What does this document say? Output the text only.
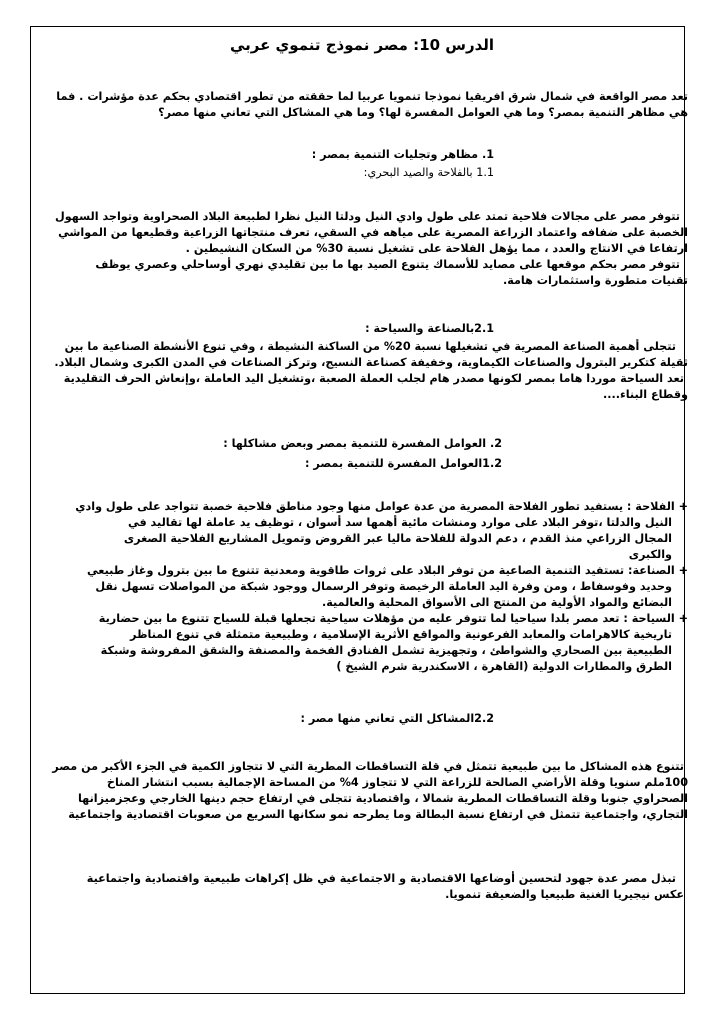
الدرس 10: مصر نموذج تنموي عربي
تعد مصر الواقعة في شمال شرق افريقيا نموذجا تنمويا عربيا لما حققته من تطور اقتصادي بحكم عدة مؤشرات . فما
هي مظاهر التنمية بمصر؟ وما هي العوامل المفسرة لها؟ وما هي المشاكل التي تعاني منها مصر؟
1. مظاهر وتجليات التنمية بمصر :
1.1 بالفلاحة والصيد البحري:
تتوفر مصر على مجالات فلاحية تمتد على طول وادي النيل ودلتا النيل نظرا لطبيعة البلاد الصحراوية وتواجد السهول
الخصبة على ضفافه واعتماد الزراعة المصرية على مياهه في السقي، تعرف منتجاتها الزراعية وقطيعها من المواشي
ارتفاعا في الانتاج والعدد ، مما يؤهل الفلاحة على تشغيل نسبة 30% من السكان النشيطين .
تتوفر مصر بحكم موقعها على مصايد للأسماك يتنوع الصيد بها ما بين تقليدي نهري أوساحلي وعصري يوظف
تقنيات متطورة واستثمارات هامة.
2.1بالصناعة والسياحة :
تتجلى أهمية الصناعة المصرية في تشغيلها نسبة 20% من الساكنة النشيطة ، وفي تنوع الأنشطة الصناعية ما بين
ثقيلة كتكرير البترول والصناعات الكيماوية، وخفيفة كصناعة النسيج، وتركز الصناعات في المدن الكبرى وشمال البلاد.
تعد السياحة موردا هاما بمصر لكونها مصدر هام لجلب العملة الصعبة ،وتشغيل اليد العاملة ،وإنعاش الحرف التقليدية
وقطاع البناء....
2. العوامل المفسرة للتنمية بمصر وبعض مشاكلها :
1.2العوامل المفسرة للتنمية بمصر :
+ الفلاحة : يستفيد تطور الفلاحة المصرية من عدة عوامل منها وجود مناطق فلاحية خصبة تتواجد على طول وادي
النيل والدلتا ،توفر البلاد على موارد ومنشات مائية أهمها سد أسوان ، توظيف يد عاملة لها تقاليد في
المجال الزراعي منذ القدم ، دعم الدولة للفلاحة ماليا عبر القروض وتمويل المشاريع الفلاحية الصغرى
والكبرى
+ الصناعة: تستفيد التنمية الصاعية من توفر البلاد على ثروات طاقوية ومعدنية تتنوع ما بين بترول وغاز طبيعي
وحديد وفوسفاط ، ومن وفرة اليد العاملة الرخيصة وتوفر الرسمال ووجود شبكة من المواصلات تسهل نقل
البضائع والمواد الأولية من المنتج الى الأسواق المحلية والعالمية.
+ السياحة : تعد مصر بلدا سياحيا لما تتوفر عليه من مؤهلات سياحية تجعلها قبلة للسياح تتنوع ما بين حضارية
تاريخية كالاهرامات والمعابد الفرعونية والمواقع الأثرية الإسلامية ، وطبيعية متمثلة في تنوع المناظر
الطبيعية بين الصحاري والشواطئ ، وتجهيزية تشمل الفنادق الفخمة والمصنفة والشقق المفروشة وشبكة
الطرق والمطارات الدولية (القاهرة ، الاسكندرية شرم الشيخ )
2.2المشاكل التي تعاني منها مصر :
تتنوع هذه المشاكل ما بين طبيعية تتمثل في قلة التساقطات المطرية التي لا تتجاوز الكمية في الجزء الأكبر من مصر
100ملم سنويا وقلة الأراضي الصالحة للزراعة التي لا تتجاوز 4% من المساحة الإجمالية بسبب انتشار المناخ
الصحراوي جنوبا وقلة التساقطات المطرية شمالا ، واقتصادية تتجلى في ارتفاع حجم دينها الخارجي وعجزميزانها
التجاري، واجتماعية تتمثل في ارتفاع نسبة البطالة وما يطرحه نمو سكانها السريع من صعوبات اقتصادية واجتماعية
تبذل مصر عدة جهود لتحسين أوضاعها الاقتصادية و الاجتماعية في ظل إكراهات طبيعية واقتصادية واجتماعية
عكس نيجيريا الغنية طبيعيا والضعيفة تنمويا.
